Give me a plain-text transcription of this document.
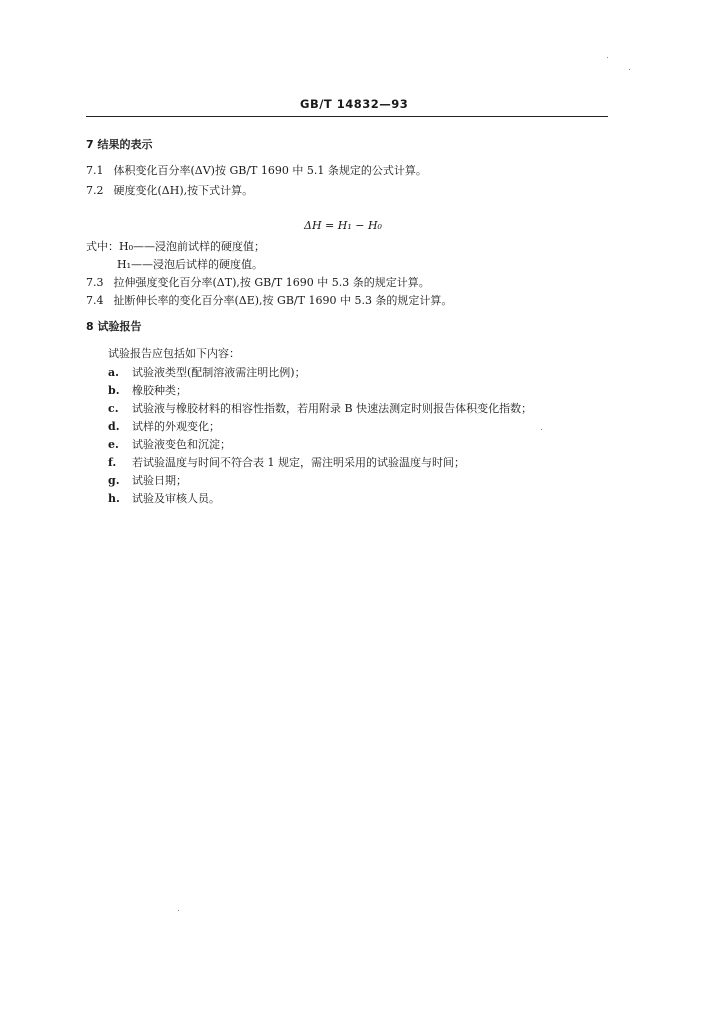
GB/T 14832—93
7 结果的表示
7.1 体积变化百分率(ΔV)按 GB/T 1690 中 5.1 条规定的公式计算。
7.2 硬度变化(ΔH),按下式计算。
ΔH = H₁ − H₀
式中：H₀——浸泡前试样的硬度值；
H₁——浸泡后试样的硬度值。
7.3 拉伸强度变化百分率(ΔT),按 GB/T 1690 中 5.3 条的规定计算。
7.4 扯断伸长率的变化百分率(ΔE),按 GB/T 1690 中 5.3 条的规定计算。
8 试验报告
试验报告应包括如下内容：
a. 试验液类型(配制溶液需注明比例)；
b. 橡胶种类；
c. 试验液与橡胶材料的相容性指数，若用附录 B 快速法测定时则报告体积变化指数；
d. 试样的外观变化；
e. 试验液变色和沉淀；
f. 若试验温度与时间不符合表 1 规定，需注明采用的试验温度与时间；
g. 试验日期；
h. 试验及审核人员。
